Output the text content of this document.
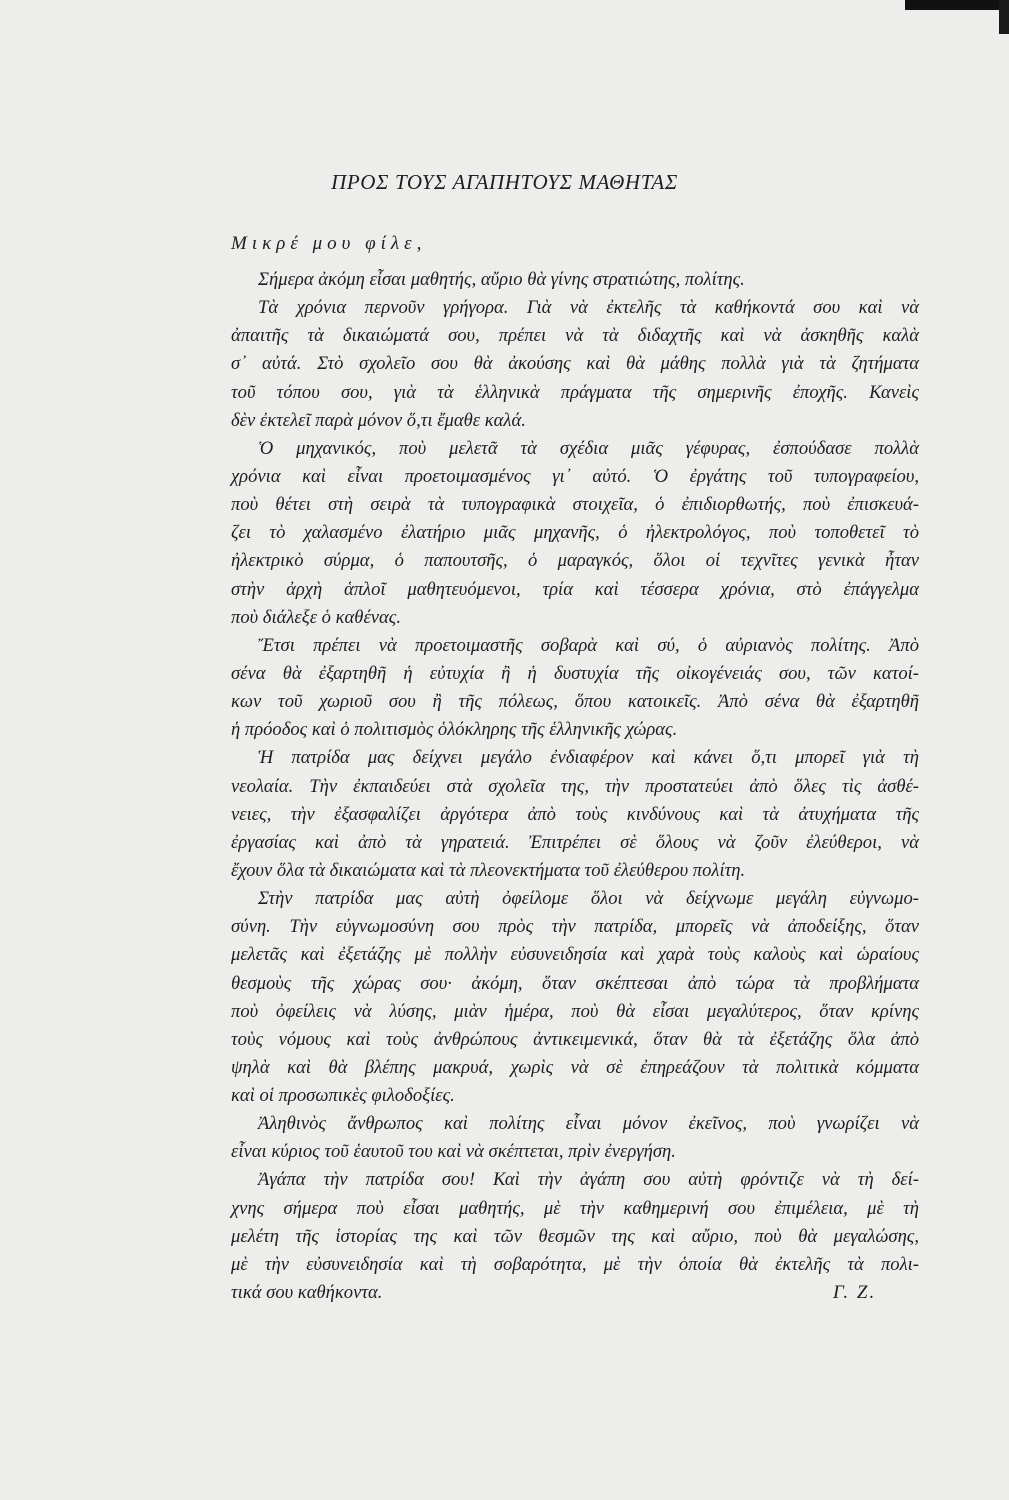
ΠΡΟΣ ΤΟΥΣ ΑΓΑΠΗΤΟΥΣ ΜΑΘΗΤΑΣ
Μικρέ μου φίλε,
Σήμερα ἀκόμη εἶσαι μαθητής, αὔριο θὰ γίνης στρατιώτης, πολίτης.
Τὰ χρόνια περνοῦν γρήγορα. Γιὰ νὰ ἐκτελῆς τὰ καθήκοντά σου καὶ νὰ
ἀπαιτῆς τὰ δικαιώματά σου, πρέπει νὰ τὰ διδαχτῆς καὶ νὰ ἀσκηθῆς καλὰ
σ᾽ αὐτά. Στὸ σχολεῖο σου θὰ ἀκούσης καὶ θὰ μάθης πολλὰ γιὰ τὰ ζητήματα
τοῦ τόπου σου, γιὰ τὰ ἑλληνικὰ πράγματα τῆς σημερινῆς ἐποχῆς. Κανεὶς
δὲν ἐκτελεῖ παρὰ μόνον ὅ,τι ἔμαθε καλά.
Ὁ μηχανικός, ποὺ μελετᾶ τὰ σχέδια μιᾶς γέφυρας, ἐσπούδασε πολλὰ
χρόνια καὶ εἶναι προετοιμασμένος γι᾽ αὐτό. Ὁ ἐργάτης τοῦ τυπογραφείου,
ποὺ θέτει στὴ σειρὰ τὰ τυπογραφικὰ στοιχεῖα, ὁ ἐπιδιορθωτής, ποὺ ἐπισκευά-
ζει τὸ χαλασμένο ἐλατήριο μιᾶς μηχανῆς, ὁ ἠλεκτρολόγος, ποὺ τοποθετεῖ τὸ
ἠλεκτρικὸ σύρμα, ὁ παπουτσῆς, ὁ μαραγκός, ὅλοι οἱ τεχνῖτες γενικὰ ἦταν
στὴν ἀρχὴ ἁπλοῖ μαθητευόμενοι, τρία καὶ τέσσερα χρόνια, στὸ ἐπάγγελμα
ποὺ διάλεξε ὁ καθένας.
Ἔτσι πρέπει νὰ προετοιμαστῆς σοβαρὰ καὶ σύ, ὁ αὐριανὸς πολίτης. Ἀπὸ
σένα θὰ ἐξαρτηθῆ ἡ εὐτυχία ἢ ἡ δυστυχία τῆς οἰκογένειάς σου, τῶν κατοί-
κων τοῦ χωριοῦ σου ἢ τῆς πόλεως, ὅπου κατοικεῖς. Ἀπὸ σένα θὰ ἐξαρτηθῆ
ἡ πρόοδος καὶ ὁ πολιτισμὸς ὁλόκληρης τῆς ἑλληνικῆς χώρας.
Ἡ πατρίδα μας δείχνει μεγάλο ἐνδιαφέρον καὶ κάνει ὅ,τι μπορεῖ γιὰ τὴ
νεολαία. Τὴν ἐκπαιδεύει στὰ σχολεῖα της, τὴν προστατεύει ἀπὸ ὅλες τὶς ἀσθέ-
νειες, τὴν ἐξασφαλίζει ἀργότερα ἀπὸ τοὺς κινδύνους καὶ τὰ ἀτυχήματα τῆς
ἐργασίας καὶ ἀπὸ τὰ γηρατειά. Ἐπιτρέπει σὲ ὅλους νὰ ζοῦν ἐλεύθεροι, νὰ
ἔχουν ὅλα τὰ δικαιώματα καὶ τὰ πλεονεκτήματα τοῦ ἐλεύθερου πολίτη.
Στὴν πατρίδα μας αὐτὴ ὀφείλομε ὅλοι νὰ δείχνωμε μεγάλη εὐγνωμο-
σύνη. Τὴν εὐγνωμοσύνη σου πρὸς τὴν πατρίδα, μπορεῖς νὰ ἀποδείξης, ὅταν
μελετᾶς καὶ ἐξετάζης μὲ πολλὴν εὐσυνειδησία καὶ χαρὰ τοὺς καλοὺς καὶ ὡραίους
θεσμοὺς τῆς χώρας σου· ἀκόμη, ὅταν σκέπτεσαι ἀπὸ τώρα τὰ προβλήματα
ποὺ ὀφείλεις νὰ λύσης, μιὰν ἡμέρα, ποὺ θὰ εἶσαι μεγαλύτερος, ὅταν κρίνης
τοὺς νόμους καὶ τοὺς ἀνθρώπους ἀντικειμενικά, ὅταν θὰ τὰ ἐξετάζης ὅλα ἀπὸ
ψηλὰ καὶ θὰ βλέπης μακρυά, χωρὶς νὰ σὲ ἐπηρεάζουν τὰ πολιτικὰ κόμματα
καὶ οἱ προσωπικὲς φιλοδοξίες.
Ἀληθινὸς ἄνθρωπος καὶ πολίτης εἶναι μόνον ἐκεῖνος, ποὺ γνωρίζει νὰ
εἶναι κύριος τοῦ ἑαυτοῦ του καὶ νὰ σκέπτεται, πρὶν ἐνεργήση.
Ἀγάπα τὴν πατρίδα σου! Καὶ τὴν ἀγάπη σου αὐτὴ φρόντιζε νὰ τὴ δεί-
χνης σήμερα ποὺ εἶσαι μαθητής, μὲ τὴν καθημερινή σου ἐπιμέλεια, μὲ τὴ
μελέτη τῆς ἱστορίας της καὶ τῶν θεσμῶν της καὶ αὔριο, ποὺ θὰ μεγαλώσης,
μὲ τὴν εὐσυνειδησία καὶ τὴ σοβαρότητα, μὲ τὴν ὁποία θὰ ἐκτελῆς τὰ πολι-
τικά σου καθήκοντα.	Γ. Ζ.
